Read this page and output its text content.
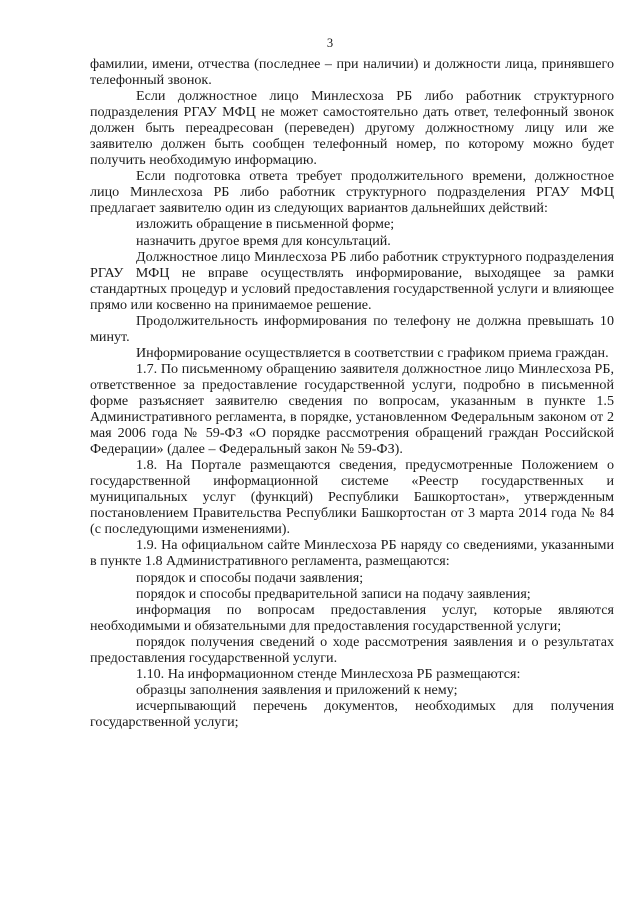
3

фамилии, имени, отчества (последнее – при наличии) и должности лица, принявшего телефонный звонок.

Если должностное лицо Минлесхоза РБ либо работник структурного подразделения РГАУ МФЦ не может самостоятельно дать ответ, телефонный звонок должен быть переадресован (переведен) другому должностному лицу или же заявителю должен быть сообщен телефонный номер, по которому можно будет получить необходимую информацию.

Если подготовка ответа требует продолжительного времени, должностное лицо Минлесхоза РБ либо работник структурного подразделения РГАУ МФЦ предлагает заявителю один из следующих вариантов дальнейших действий:

изложить обращение в письменной форме;

назначить другое время для консультаций.

Должностное лицо Минлесхоза РБ либо работник структурного подразделения РГАУ МФЦ не вправе осуществлять информирование, выходящее за рамки стандартных процедур и условий предоставления государственной услуги и влияющее прямо или косвенно на принимаемое решение.

Продолжительность информирования по телефону не должна превышать 10 минут.

Информирование осуществляется в соответствии с графиком приема граждан.

1.7. По письменному обращению заявителя должностное лицо Минлесхоза РБ, ответственное за предоставление государственной услуги, подробно в письменной форме разъясняет заявителю сведения по вопросам, указанным в пункте 1.5 Административного регламента, в порядке, установленном Федеральным законом от 2 мая 2006 года № 59-ФЗ «О порядке рассмотрения обращений граждан Российской Федерации» (далее – Федеральный закон № 59-ФЗ).

1.8. На Портале размещаются сведения, предусмотренные Положением о государственной информационной системе «Реестр государственных и муниципальных услуг (функций) Республики Башкортостан», утвержденным постановлением Правительства Республики Башкортостан от 3 марта 2014 года № 84 (с последующими изменениями).

1.9. На официальном сайте Минлесхоза РБ наряду со сведениями, указанными в пункте 1.8 Административного регламента, размещаются:

порядок и способы подачи заявления;

порядок и способы предварительной записи на подачу заявления;

информация по вопросам предоставления услуг, которые являются необходимыми и обязательными для предоставления государственной услуги;

порядок получения сведений о ходе рассмотрения заявления и о результатах предоставления государственной услуги.

1.10. На информационном стенде Минлесхоза РБ размещаются:

образцы заполнения заявления и приложений к нему;

исчерпывающий перечень документов, необходимых для получения государственной услуги;
